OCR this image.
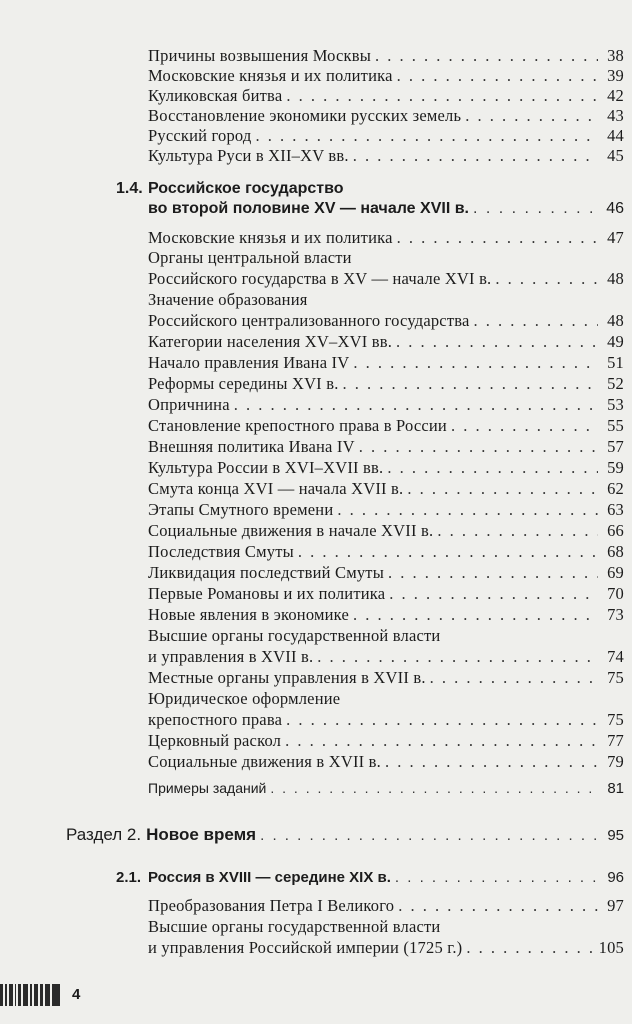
Причины возвышения Москвы . . .	38
Московские князья и их политика . . .	39
Куликовская битва . . .	42
Восстановление экономики русских земель . . .	43
Русский город . . .	44
Культура Руси в XII–XV вв. . . .	45
1.4. Российское государство
во второй половине XV — начале XVII в. . . .	46
Московские князья и их политика . . .	47
Органы центральной власти
Российского государства в XV — начале XVI в. . . .	48
Значение образования
Российского централизованного государства . . .	48
Категории населения XV–XVI вв. . . .	49
Начало правления Ивана IV . . .	51
Реформы середины XVI в. . . .	52
Опричнина . . .	53
Становление крепостного права в России . . .	55
Внешняя политика Ивана IV . . .	57
Культура России в XVI–XVII вв. . . .	59
Смута конца XVI — начала XVII в. . . .	62
Этапы Смутного времени . . .	63
Социальные движения в начале XVII в. . . .	66
Последствия Смуты . . .	68
Ликвидация последствий Смуты . . .	69
Первые Романовы и их политика . . .	70
Новые явления в экономике . . .	73
Высшие органы государственной власти
и управления в XVII в. . . .	74
Местные органы управления в XVII в. . . .	75
Юридическое оформление
крепостного права . . .	75
Церковный раскол . . .	77
Социальные движения в XVII в. . . .	79
Примеры заданий . . .	81
Раздел 2. Новое время . . .	95
2.1. Россия в XVIII — середине XIX в. . . .	96
Преобразования Петра I Великого . . .	97
Высшие органы государственной власти
и управления Российской империи (1725 г.) . . .	105
4
